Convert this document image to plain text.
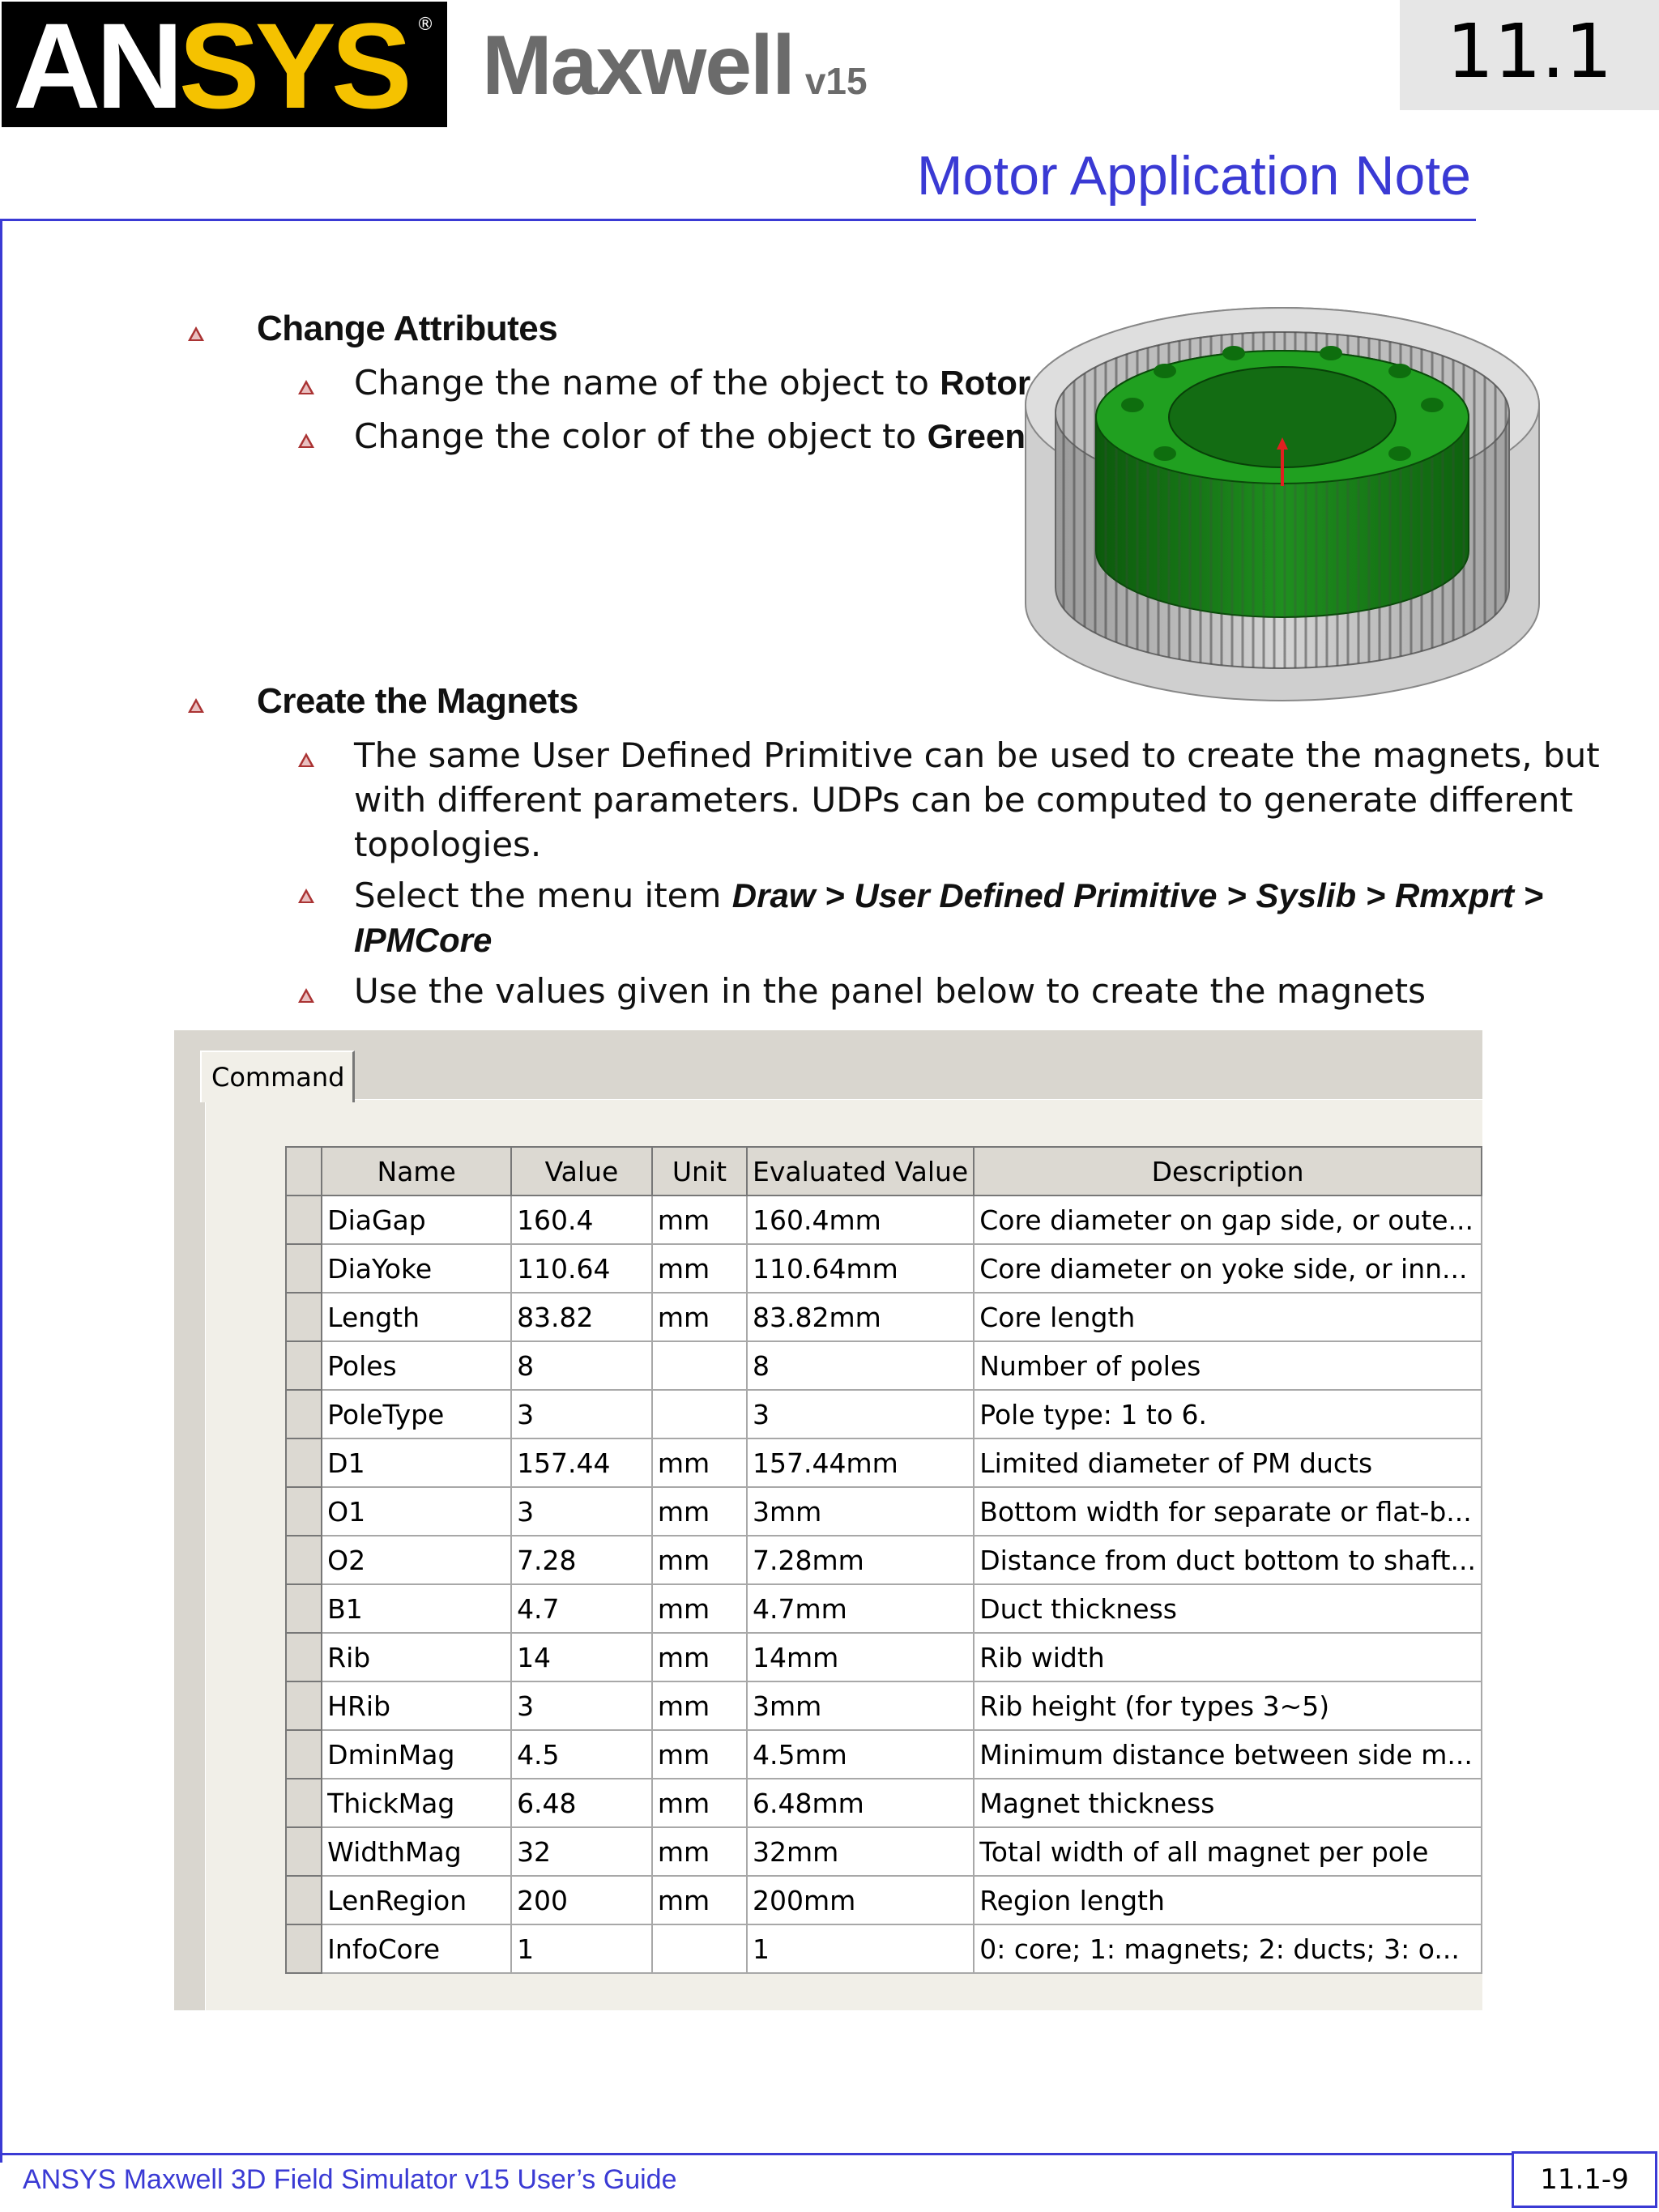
ANSYS ® Maxwell v15	11.1
Motor Application Note
Change Attributes
Change the name of the object to Rotor
Change the color of the object to Green
Create the Magnets
The same User Defined Primitive can be used to create the magnets, but
with different parameters. UDPs can be computed to generate different
topologies.
Select the menu item Draw > User Defined Primitive > Syslib > Rmxprt >
IPMCore
Use the values given in the panel below to create the magnets
Command
	Name	Value	Unit	Evaluated Value	Description
	DiaGap	160.4	mm	160.4mm	Core diameter on gap side, or oute...
	DiaYoke	110.64	mm	110.64mm	Core diameter on yoke side, or inn...
	Length	83.82	mm	83.82mm	Core length
	Poles	8		8	Number of poles
	PoleType	3		3	Pole type: 1 to 6.
	D1	157.44	mm	157.44mm	Limited diameter of PM ducts
	O1	3	mm	3mm	Bottom width for separate or flat-b...
	O2	7.28	mm	7.28mm	Distance from duct bottom to shaft...
	B1	4.7	mm	4.7mm	Duct thickness
	Rib	14	mm	14mm	Rib width
	HRib	3	mm	3mm	Rib height (for types 3~5)
	DminMag	4.5	mm	4.5mm	Minimum distance between side m...
	ThickMag	6.48	mm	6.48mm	Magnet thickness
	WidthMag	32	mm	32mm	Total width of all magnet per pole
	LenRegion	200	mm	200mm	Region length
	InfoCore	1		1	0: core; 1: magnets; 2: ducts; 3: o...
ANSYS Maxwell 3D Field Simulator v15 User’s Guide	11.1-9
